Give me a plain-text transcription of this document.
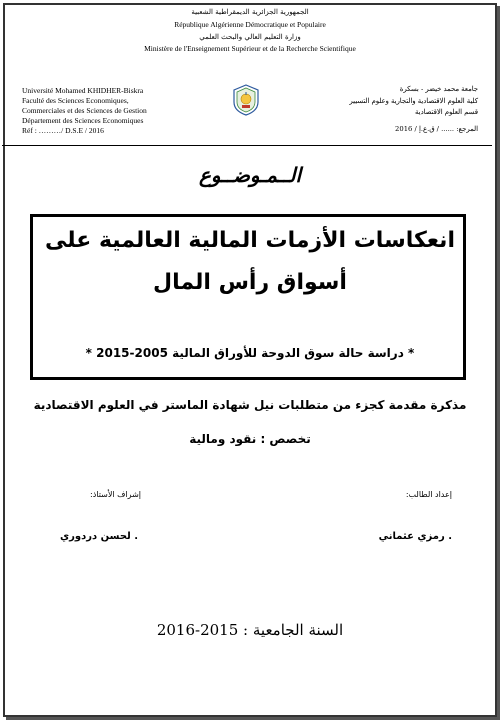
الجمهورية الجزائرية الديمقراطية الشعبية
République Algérienne Démocratique et Populaire
وزارة التعليم العالي والبحث العلمي
Ministère de l'Enseignement Supérieur et de la Recherche Scientifique
Université Mohamed KHIDHER-Biskra
Faculté des Sciences Economiques,
Commerciales et des Sciences de Gestion
Département des Sciences Economiques
Réf : ………/ D.S.E / 2016
جامعة محمد خيضر - بسكرة
كلية العلوم الاقتصادية والتجارية وعلوم التسيير
قسم العلوم الاقتصادية
المرجع: ...... / ق.ع.إ / 2016
الــمـوضــوع
انعكاسات الأزمات المالية العالمية على
أسواق رأس المال
* دراسة حالة سوق الدوحة للأوراق المالية 2005-2015 *
مذكرة مقدمة كجزء من متطلبات نيل شهادة الماستر في العلوم الاقتصادية
تخصص : نقود ومالية
إعداد الطالب:
. رمزي عثماني
إشراف الأستاذ:
. لحسن دردوري
السنة الجامعية : 2015-2016
